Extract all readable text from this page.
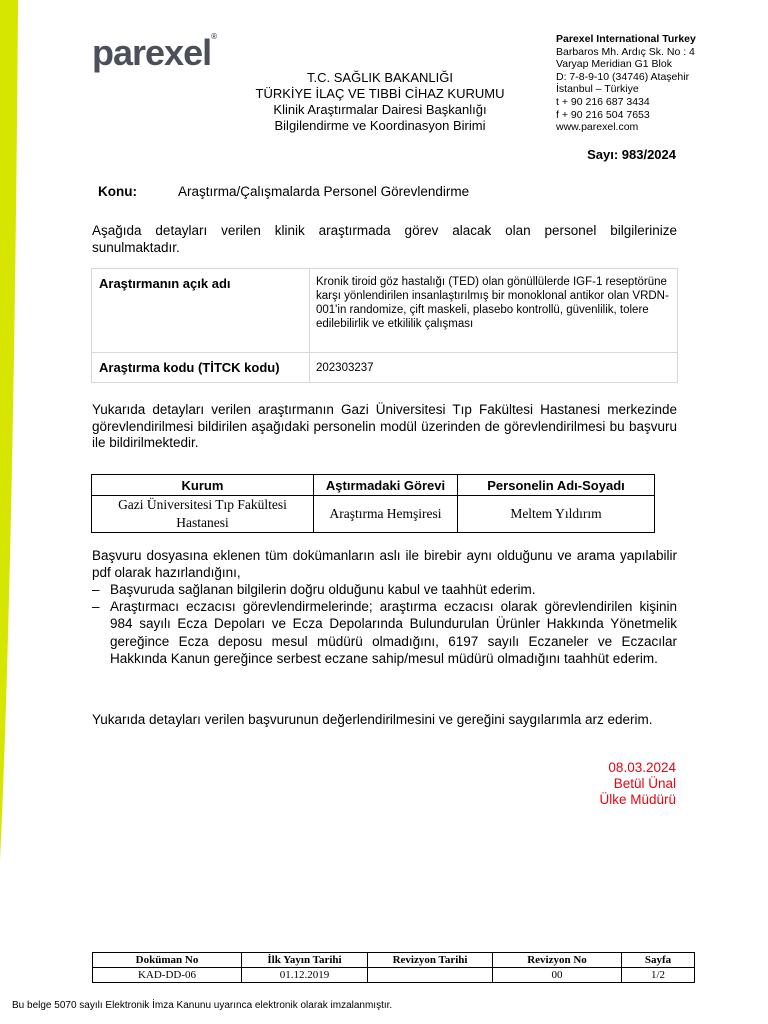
parexel®
T.C. SAĞLIK BAKANLIĞI
TÜRKİYE İLAÇ VE TIBBİ CİHAZ KURUMU
Klinik Araştırmalar Dairesi Başkanlığı
Bilgilendirme ve Koordinasyon Birimi
Parexel International Turkey
Barbaros Mh. Ardıç Sk. No : 4
Varyap Meridian G1 Blok
D: 7-8-9-10 (34746) Ataşehir
İstanbul – Türkiye
t + 90 216 687 3434
f + 90 216 504 7653
www.parexel.com
Sayı: 983/2024
Konu:	Araştırma/Çalışmalarda Personel Görevlendirme
Aşağıda detayları verilen klinik araştırmada görev alacak olan personel bilgilerinize sunulmaktadır.
Araştırmanın açık adı	Kronik tiroid göz hastalığı (TED) olan gönüllülerde IGF-1 reseptörüne karşı yönlendirilen insanlaştırılmış bir monoklonal antikor olan VRDN-001'in randomize, çift maskeli, plasebo kontrollü, güvenlilik, tolere edilebilirlik ve etkililik çalışması
Araştırma kodu (TİTCK kodu)	202303237
Yukarıda detayları verilen araştırmanın Gazi Üniversitesi Tıp Fakültesi Hastanesi merkezinde görevlendirilmesi bildirilen aşağıdaki personelin modül üzerinden de görevlendirilmesi bu başvuru ile bildirilmektedir.
Kurum	Aştırmadaki Görevi	Personelin Adı-Soyadı
Gazi Üniversitesi Tıp Fakültesi Hastanesi	Araştırma Hemşiresi	Meltem Yıldırım
Başvuru dosyasına eklenen tüm dokümanların aslı ile birebir aynı olduğunu ve arama yapılabilir pdf olarak hazırlandığını,
– Başvuruda sağlanan bilgilerin doğru olduğunu kabul ve taahhüt ederim.
– Araştırmacı eczacısı görevlendirmelerinde; araştırma eczacısı olarak görevlendirilen kişinin 984 sayılı Ecza Depoları ve Ecza Depolarında Bulundurulan Ürünler Hakkında Yönetmelik gereğince Ecza deposu mesul müdürü olmadığını, 6197 sayılı Eczaneler ve Eczacılar Hakkında Kanun gereğince serbest eczane sahip/mesul müdürü olmadığını taahhüt ederim.
Yukarıda detayları verilen başvurunun değerlendirilmesini ve gereğini saygılarımla arz ederim.
08.03.2024
Betül Ünal
Ülke Müdürü
Doküman No	İlk Yayın Tarihi	Revizyon Tarihi	Revizyon No	Sayfa
KAD-DD-06	01.12.2019		00	1/2
Bu belge 5070 sayılı Elektronik İmza Kanunu uyarınca elektronik olarak imzalanmıştır.
